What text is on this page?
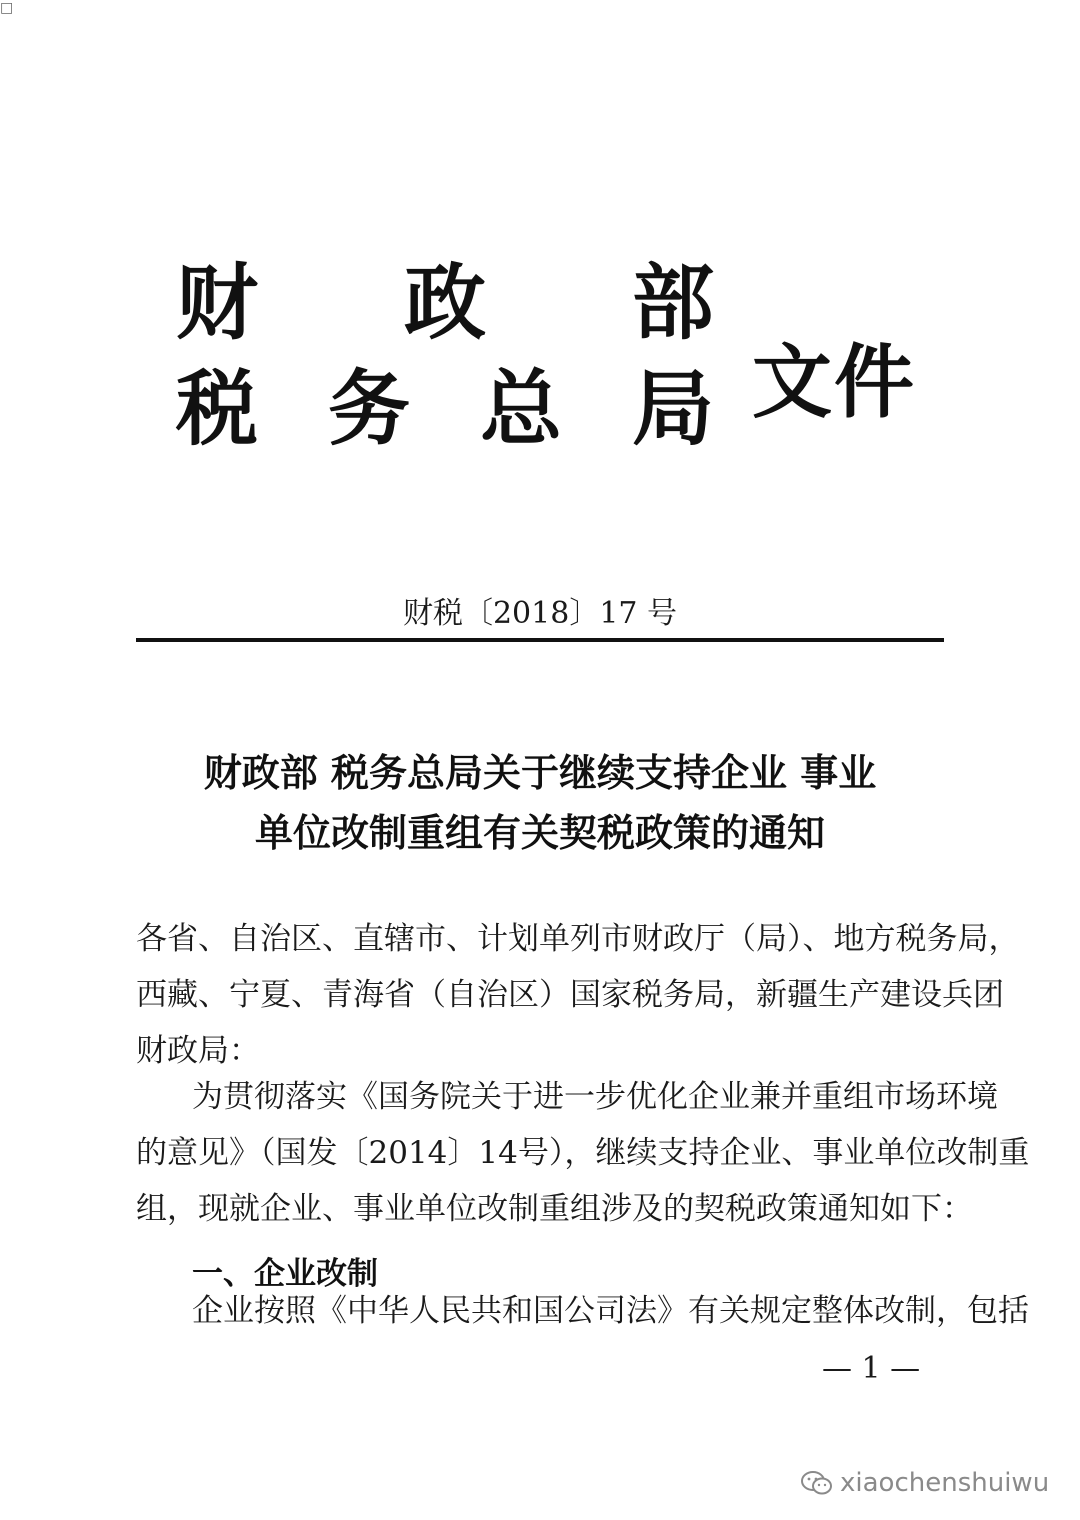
□
财 政 部
税 务 总 局 文件
财税〔2018〕17 号
财政部 税务总局关于继续支持企业 事业
单位改制重组有关契税政策的通知
各省、自治区、直辖市、计划单列市财政厅（局）、地方税务局，
西藏、宁夏、青海省（自治区）国家税务局，新疆生产建设兵团
财政局：
为贯彻落实《国务院关于进一步优化企业兼并重组市场环境
的意见》（国发〔2014〕14号），继续支持企业、事业单位改制重
组，现就企业、事业单位改制重组涉及的契税政策通知如下：
一、企业改制
企业按照《中华人民共和国公司法》有关规定整体改制，包括
— 1 —
xiaochenshuiwu
